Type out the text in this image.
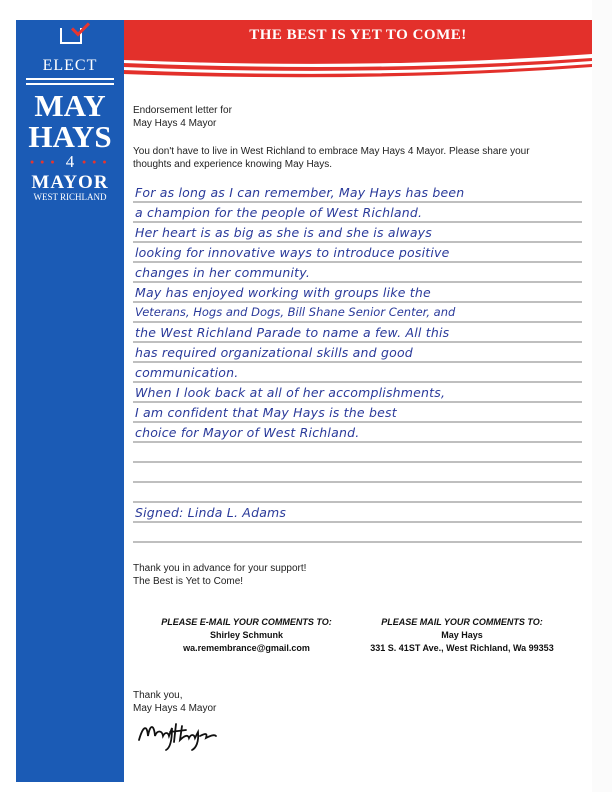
ELECT
MAY
HAYS
● ● ● 4	● ● ●
MAYOR
WEST RICHLAND
THE BEST IS YET TO COME!
Endorsement letter for
May Hays 4 Mayor
You don't have to live in West Richland to embrace May Hays 4 Mayor. Please share your
thoughts and experience knowing May Hays.
For as long as I can remember, May Hays has been
a champion for the people of West Richland.
Her heart is as big as she is and she is always
looking for innovative ways to introduce positive
changes in her community.
May has enjoyed working with groups like the
Veterans, Hogs and Dogs, Bill Shane Senior Center, and
the West Richland Parade to name a few. All this
has required organizational skills and good
communication.
When I look back at all of her accomplishments,
I am confident that May Hays is the best
choice for Mayor of West Richland.
Signed: Linda L. Adams
Thank you in advance for your support!
The Best is Yet to Come!
PLEASE E-MAIL YOUR COMMENTS TO:
Shirley Schmunk
wa.remembrance@gmail.com
PLEASE MAIL YOUR COMMENTS TO:
May Hays
331 S. 41ST Ave., West Richland, Wa 99353
Thank you,
May Hays 4 Mayor
